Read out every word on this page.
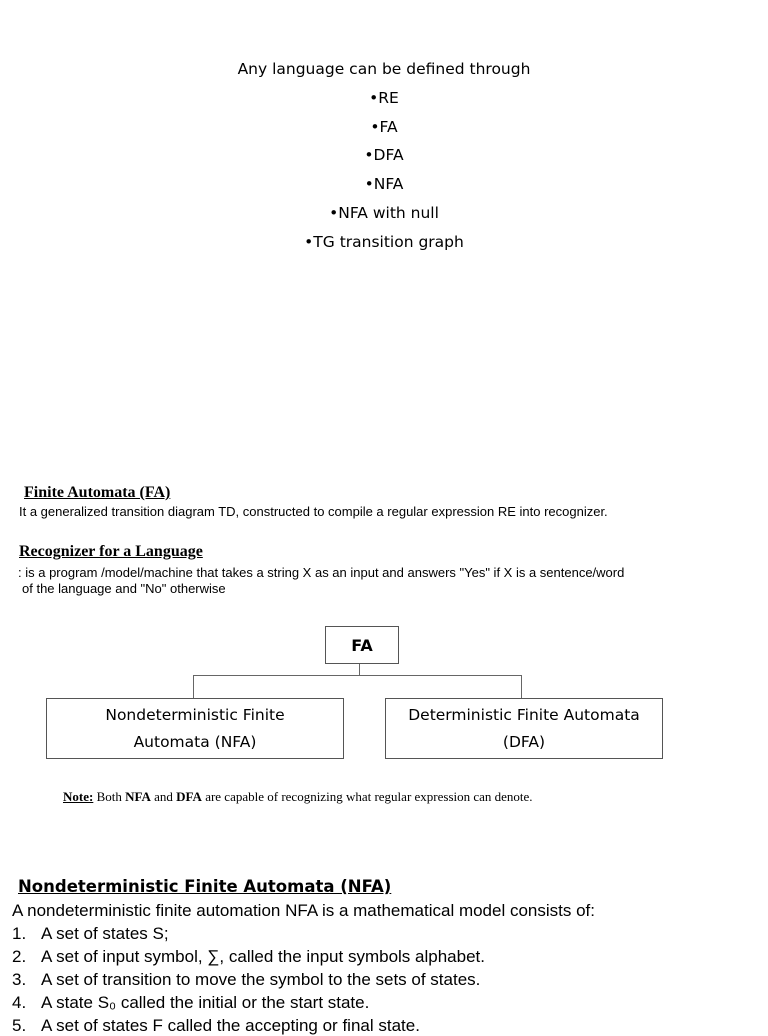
Any language can be defined through
•RE
•FA
•DFA
•NFA
•NFA with null
•TG transition graph
Finite Automata (FA)
It a generalized transition diagram TD, constructed to compile a regular expression RE into recognizer.
Recognizer for a Language
: is a program /model/machine that takes a string X as an input and answers "Yes" if X is a sentence/word
of the language and "No" otherwise
FA
Nondeterministic Finite
Automata (NFA)
Deterministic Finite Automata
(DFA)
Note: Both NFA and DFA are capable of recognizing what regular expression can denote.
Nondeterministic Finite Automata (NFA)
A nondeterministic finite automation NFA is a mathematical model consists of:
1. A set of states S;
2. A set of input symbol, ∑, called the input symbols alphabet.
3. A set of transition to move the symbol to the sets of states.
4. A state S₀ called the initial or the start state.
5. A set of states F called the accepting or final state.
